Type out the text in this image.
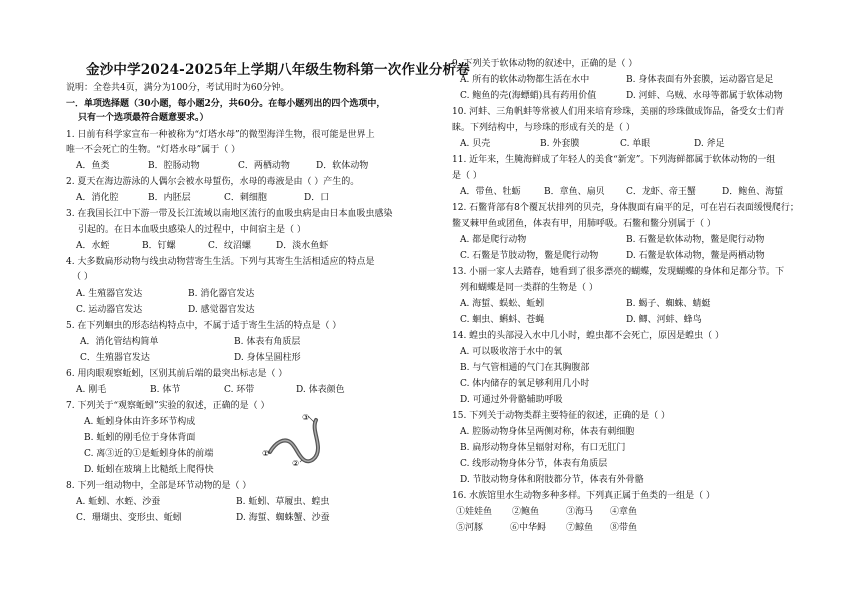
金沙中学2024-2025年上学期八年级生物科第一次作业分析卷
说明：全卷共4页，满分为100分，考试用时为60分钟。
一．单项选择题（30小题，每小题2分，共60分。在每小题列出的四个选项中，
只有一个选项最符合题意要求。）
1. 日前有科学家宣布一种被称为“灯塔水母”的微型海洋生物，很可能是世界上
唯一不会死亡的生物。“灯塔水母”属于（ ）
A．鱼类	B．腔肠动物	C．两栖动物	D．软体动物
2. 夏天在海边游泳的人偶尔会被水母蜇伤，水母的毒液是由（ ）产生的。
A．消化腔	B．内胚层	C．刺细胞	D．口
3. 在我国长江中下游一带及长江流域以南地区流行的血吸虫病是由日本血吸虫感染
引起的。在日本血吸虫感染人的过程中，中间宿主是（ ）
A．水蛭	B．钉螺	C．纹沼螺	D．淡水鱼虾
4. 大多数扁形动物与线虫动物营寄生生活。下列与其寄生生活相适应的特点是
（ ）
A. 生殖器官发达	B. 消化器官发达
C. 运动器官发达	D. 感觉器官发达
5. 在下列蛔虫的形态结构特点中，不属于适于寄生生活的特点是（ ）
A．消化管结构简单	B. 体表有角质层
C．生殖器官发达	D. 身体呈圆柱形
6. 用肉眼观察蚯蚓，区别其前后端的最突出标志是（ ）
A. 刚毛	B. 体节	C. 环带	D. 体表颜色
7. 下列关于“观察蚯蚓”实验的叙述，正确的是（ ）
A. 蚯蚓身体由许多环节构成
B. 蚯蚓的刚毛位于身体背面
C. 离③近的①是蚯蚓身体的前端
D. 蚯蚓在玻璃上比糙纸上爬得快
①
②
③
8. 下列一组动物中，全部是环节动物的是（ ）
A. 蚯蚓、水蛭、沙蚕	B. 蚯蚓、草履虫、蝗虫
C．珊瑚虫、变形虫、蚯蚓	D. 海蜇、蜘蛛蟹、沙蚕
9. 下列关于软体动物的叙述中，正确的是（ ）
A. 所有的软体动物都生活在水中	B. 身体表面有外套膜，运动器官是足
C. 鲍鱼的壳(海螵蛸)具有药用价值	D. 河蚌、乌贼、水母等都属于软体动物
10. 河蚌、三角帆蚌等常被人们用来培育珍珠，美丽的珍珠做成饰品，备受女士们青
睐。下列结构中，与珍珠的形成有关的是（ ）
A. 贝壳	B. 外套膜	C. 单眼	D. 斧足
11. 近年来，生腌海鲜成了年轻人的美食“新宠”。下列海鲜都属于软体动物的一组
是（ ）
A．带鱼、牡蛎	B．章鱼、扇贝 C．龙虾、帝王蟹	D．鲍鱼、海蜇
12. 石鳖背部有8个覆瓦状排列的贝壳，身体腹面有扁平的足，可在岩石表面缓慢爬行；
鳖叉棘甲鱼或团鱼，体表有甲，用肺呼吸。石鳖和鳖分别属于（ ）
A. 都是爬行动物	B. 石鳖是软体动物，鳖是爬行动物
C. 石鳖是节肢动物，鳖是爬行动物	D. 石鳖是软体动物，鳖是两栖动物
13. 小丽一家人去踏春，她看到了很多漂亮的蝴蝶，发现蝴蝶的身体和足都分节。下
列和蝴蝶是同一类群的生物是（ ）
A. 海蜇、蜈蚣、蚯蚓	B. 蝎子、蜘蛛、蜻蜓
C. 蛔虫、蝌蚪、苍蝇	D. 鲫、河蚌、蜂鸟
14. 蝗虫的头部浸入水中几小时，蝗虫都不会死亡，原因是蝗虫（ ）
A. 可以吸收溶于水中的氧
B. 与气管相通的气门在其胸腹部
C. 体内储存的氧足够利用几小时
D. 可通过外骨骼辅助呼吸
15. 下列关于动物类群主要特征的叙述，正确的是（ ）
A. 腔肠动物身体呈两侧对称，体表有刺细胞
B. 扁形动物身体呈辐射对称，有口无肛门
C. 线形动物身体分节，体表有角质层
D. 节肢动物身体和附肢都分节，体表有外骨骼
16. 水族馆里水生动物多种多样。下列真正属于鱼类的一组是（ ）
①娃娃鱼 ②鲍鱼	③海马 ④章鱼
⑤河豚	⑥中华鲟 ⑦鲸鱼 ⑧带鱼
